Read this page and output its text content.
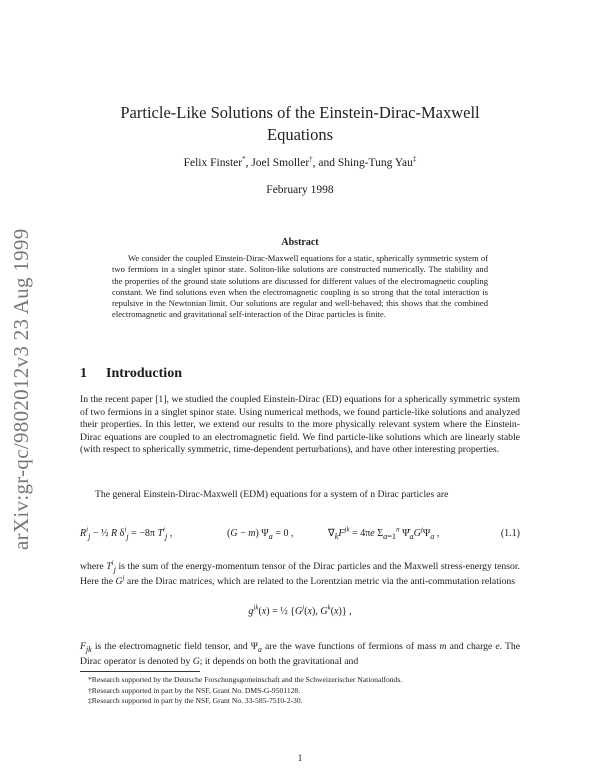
arXiv:gr-qc/9802012v3 23 Aug 1999
Particle-Like Solutions of the Einstein-Dirac-Maxwell Equations
Felix Finster*, Joel Smoller†, and Shing-Tung Yau‡
February 1998
Abstract
We consider the coupled Einstein-Dirac-Maxwell equations for a static, spherically symmetric system of two fermions in a singlet spinor state. Soliton-like solutions are constructed numerically. The stability and the properties of the ground state solutions are discussed for different values of the electromagnetic coupling constant. We find solutions even when the electromagnetic coupling is so strong that the total interaction is repulsive in the Newtonian limit. Our solutions are regular and well-behaved; this shows that the combined electromagnetic and gravitational self-interaction of the Dirac particles is finite.
1 Introduction
In the recent paper [1], we studied the coupled Einstein-Dirac (ED) equations for a spherically symmetric system of two fermions in a singlet spinor state. Using numerical methods, we found particle-like solutions and analyzed their properties. In this letter, we extend our results to the more physically relevant system where the Einstein-Dirac equations are coupled to an electromagnetic field. We find particle-like solutions which are linearly stable (with respect to spherically symmetric, time-dependent perturbations), and have other interesting properties.
The general Einstein-Dirac-Maxwell (EDM) equations for a system of n Dirac particles are
$R^i_j$ − ½ R $\delta^i_j = -8\pi$ $T^i_j$ ,	(G − m) $\Psi_a = 0$ ,	$\nabla_kF^{jk} = 4\pi e$ $\Sigma_{a=1}^n$ $\Psī_aG^j\Psi_a$ ,	(1.1)
where $T^i_j$ is the sum of the energy-momentum tensor of the Dirac particles and the Maxwell stress-energy tensor. Here the $G^j$ are the Dirac matrices, which are related to the Lorentzian metric via the anti-commutation relations
$g^{jk}(x)$ = ½ {$G^j(x)$, $G^k(x)$} ,
$F_{jk}$ is the electromagnetic field tensor, and $\Psi_a$ are the wave functions of fermions of mass m and charge e. The Dirac operator is denoted by G; it depends on both the gravitational and
*Research supported by the Deutsche Forschungsgemeinschaft and the Schweizerischer Nationalfonds.
†Research supported in part by the NSF, Grant No. DMS-G-9501128.
‡Research supported in part by the NSF, Grant No. 33-585-7510-2-30.
1
